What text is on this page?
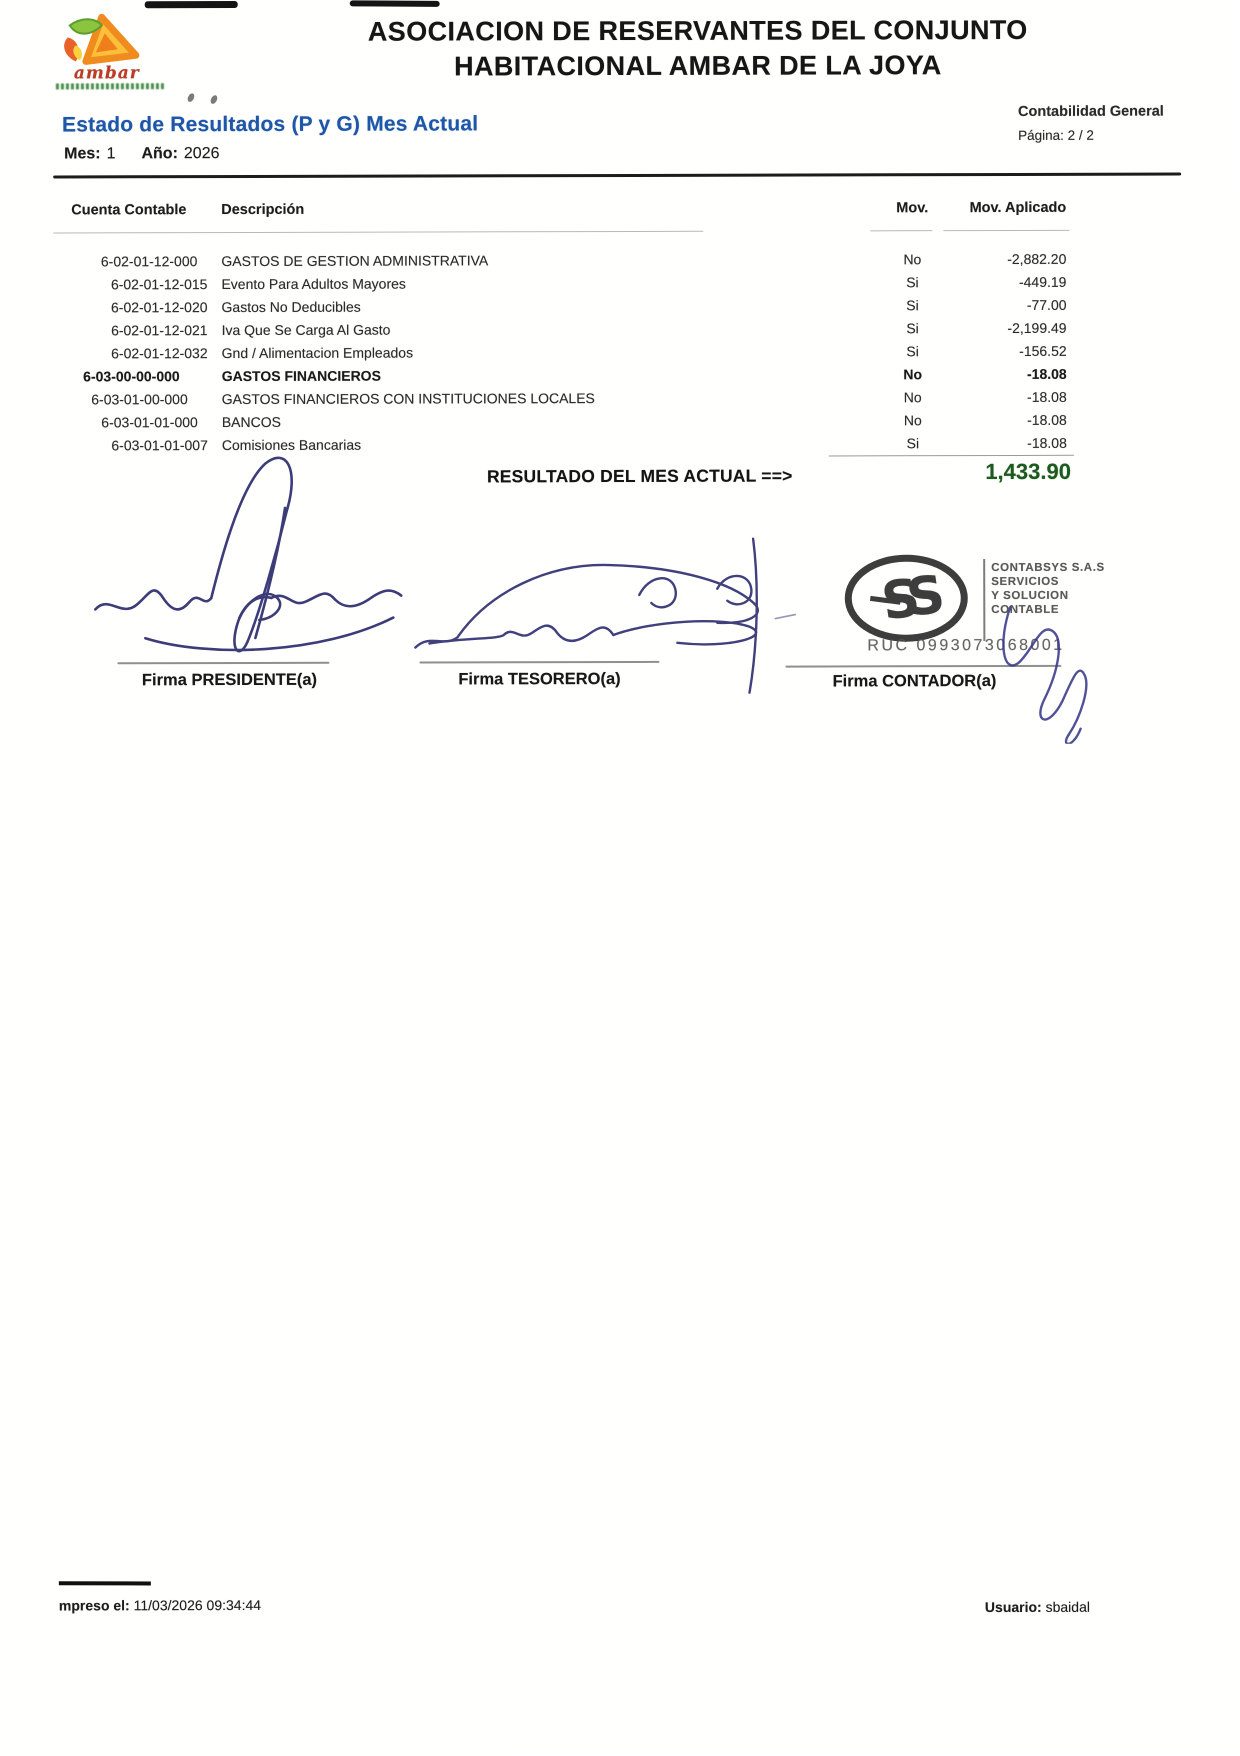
ambar
ASOCIACION DE RESERVANTES DEL CONJUNTO
HABITACIONAL AMBAR DE LA JOYA
Estado de Resultados (P y G) Mes Actual
Mes: 1 Año: 2026
Contabilidad General
Página: 2 / 2
Cuenta Contable	Descripción	Mov.	Mov. Aplicado
6-02-01-12-000	GASTOS DE GESTION ADMINISTRATIVA	No	-2,882.20
6-02-01-12-015 Evento Para Adultos Mayores	Si	-449.19
6-02-01-12-020 Gastos No Deducibles	Si	-77.00
6-02-01-12-021 Iva Que Se Carga Al Gasto	Si	-2,199.49
6-02-01-12-032 Gnd / Alimentacion Empleados	Si	-156.52
6-03-00-00-000	GASTOS FINANCIEROS	No	-18.08
6-03-01-00-000	GASTOS FINANCIEROS CON INSTITUCIONES LOCALES	No	-18.08
6-03-01-01-000	BANCOS	No	-18.08
6-03-01-01-007 Comisiones Bancarias	Si	-18.08
RESULTADO DEL MES ACTUAL ==>	1,433.90
Firma PRESIDENTE(a)	Firma TESORERO(a)
SS	CONTABSYS S.A.S
SERVICIOS
Y SOLUCION
CONTABLE
RUC 0993073068001
Firma CONTADOR(a)
mpreso el: 11/03/2026 09:34:44	Usuario: sbaidal
